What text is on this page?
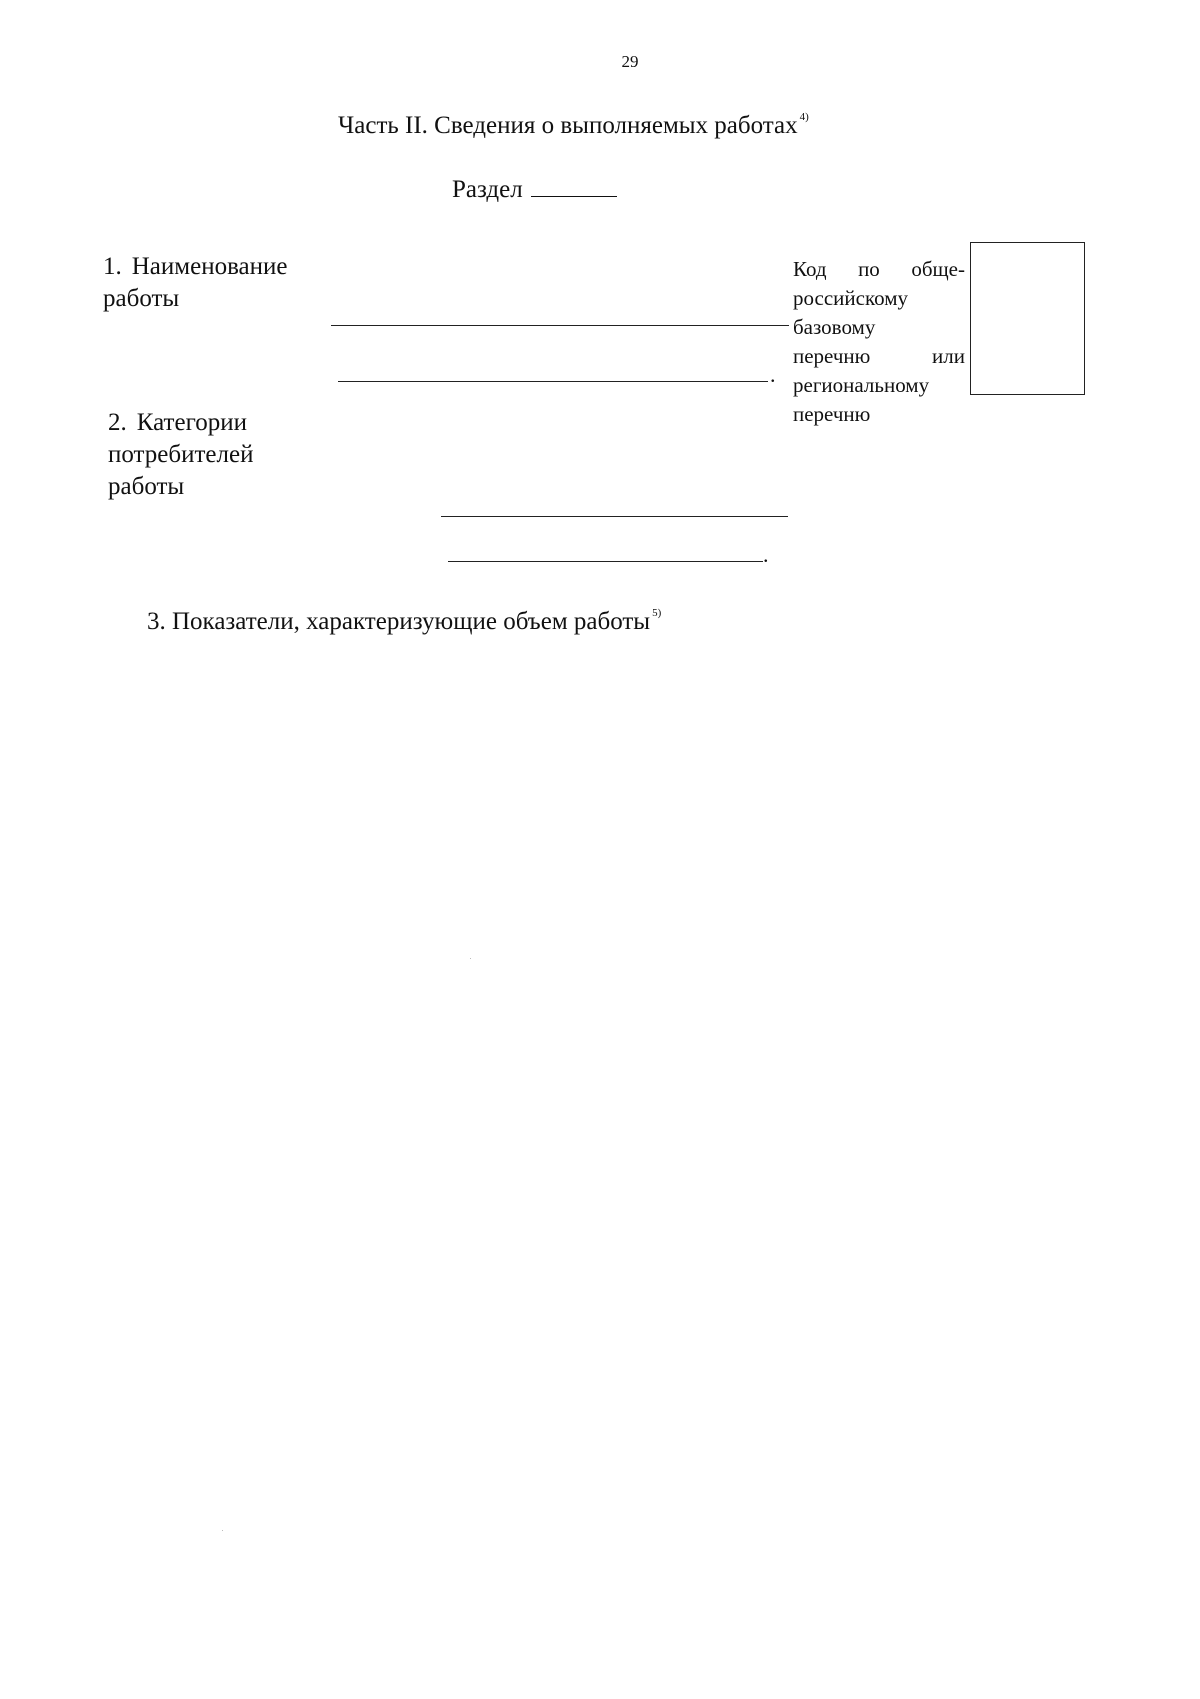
29
Часть II. Сведения о выполняемых работах $^{4)}$
Раздел
1. Наименование
работы
.
Код по обще-
российскому
базовому
перечню или
региональному
перечню
2. Категории
потребителей
работы
.
3. Показатели, характеризующие объем работы $^{5)}$
